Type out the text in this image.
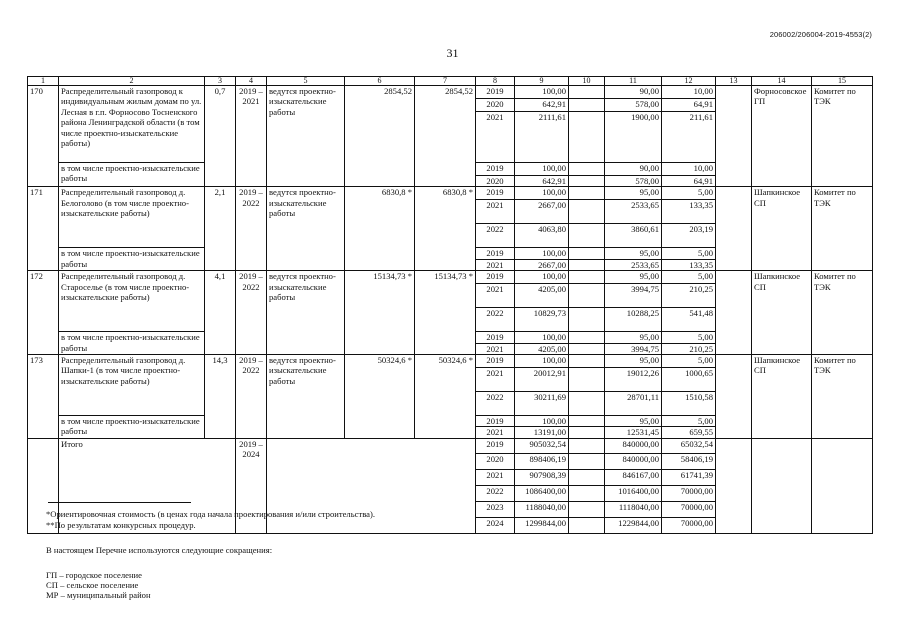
206002/206004-2019-4553(2)
31
1	2	3	4	5	6	7	8	9	10	11	12	13	14	15
170	Распределительный газопровод к индивидуальным жилым домам по ул. Лесная в г.п. Форносово Тосненского района Ленинградской области (в том числе проектно-изыскательские работы)	0,7	2019 – 2021	ведутся проектно-изыскательские работы	2854,52	2854,52	2019	100,00		90,00	10,00		Форносовское ГП	Комитет по ТЭК
							2020	642,91		578,00	64,91			
							2021	2111,61		1900,00	211,61			
	в том числе проектно-изыскательские работы						2019	100,00		90,00	10,00			
							2020	642,91		578,00	64,91			
171	Распределительный газопровод д. Белоголово (в том числе проектно-изыскательские работы)	2,1	2019 – 2022	ведутся проектно-изыскательские работы	6830,8 *	6830,8 *	2019	100,00		95,00	5,00		Шапкинское СП	Комитет по ТЭК
							2021	2667,00		2533,65	133,35			
							2022	4063,80		3860,61	203,19			
	в том числе проектно-изыскательские работы						2019	100,00		95,00	5,00			
							2021	2667,00		2533,65	133,35			
172	Распределительный газопровод д. Староселье (в том числе проектно-изыскательские работы)	4,1	2019 – 2022	ведутся проектно-изыскательские работы	15134,73 *	15134,73 *	2019	100,00		95,00	5,00		Шапкинское СП	Комитет по ТЭК
							2021	4205,00		3994,75	210,25			
							2022	10829,73		10288,25	541,48			
	в том числе проектно-изыскательские работы						2019	100,00		95,00	5,00			
							2021	4205,00		3994,75	210,25			
173	Распределительный газопровод д. Шапки-1 (в том числе проектно-изыскательские работы)	14,3	2019 – 2022	ведутся проектно-изыскательские работы	50324,6 *	50324,6 *	2019	100,00		95,00	5,00		Шапкинское СП	Комитет по ТЭК
							2021	20012,91		19012,26	1000,65			
							2022	30211,69		28701,11	1510,58			
	в том числе проектно-изыскательские работы						2019	100,00		95,00	5,00			
							2021	13191,00		12531,45	659,55			
	Итого		2019 – 2024				2019	905032,54		840000,00	65032,54			
							2020	898406,19		840000,00	58406,19			
							2021	907908,39		846167,00	61741,39			
							2022	1086400,00		1016400,00	70000,00			
							2023	1188040,00		1118040,00	70000,00			
							2024	1299844,00		1229844,00	70000,00			
*Ориентировочная стоимость (в ценах года начала проектирования и/или строительства).
**По результатам конкурсных процедур.
В настоящем Перечне используются следующие сокращения:
ГП – городское поселение
СП – сельское поселение
МР – муниципальный район
